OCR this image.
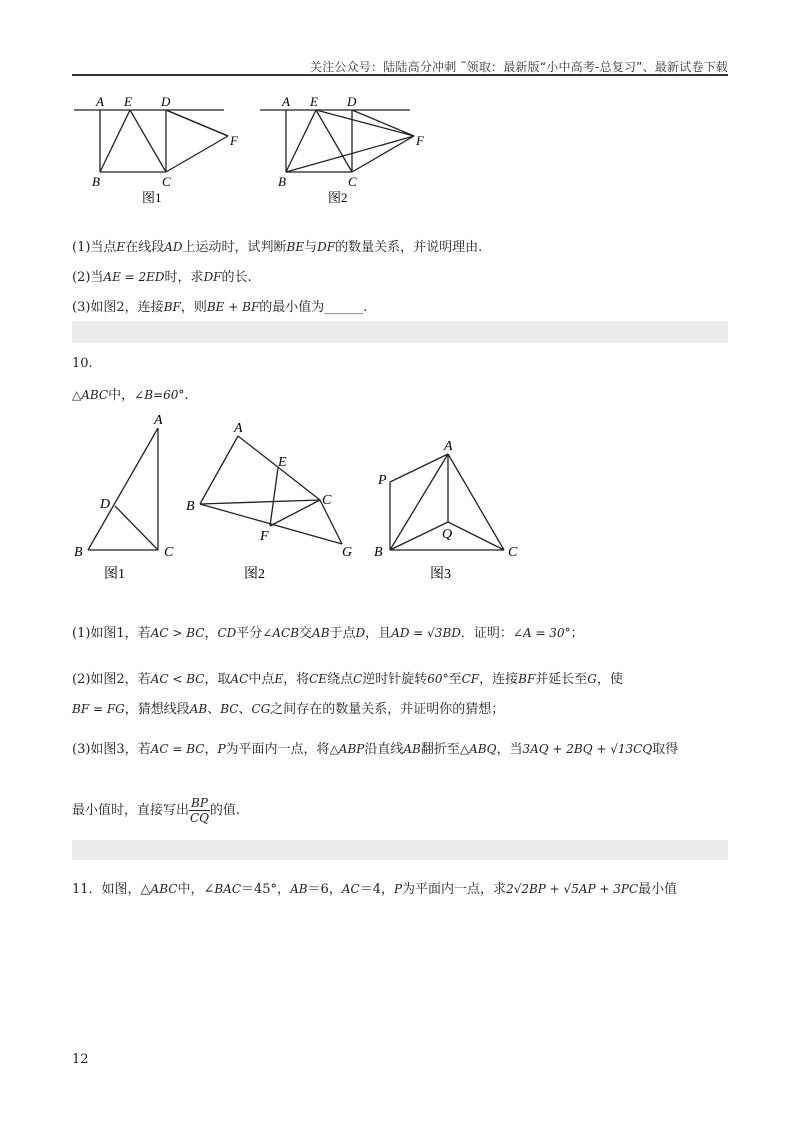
关注公众号：陆陆高分冲刺 ˜领取：最新版“小中高考-总复习”、最新试卷下载
A E D
F
B	C
图1
A E D
F
B	C
图2
(1)当点E在线段AD上运动时，试判断BE与DF的数量关系，并说明理由.
(2)当AE = 2ED时，求DF的长.
(3)如图2，连接BF，则BE + BF的最小值为______.
10.
△ABC中，∠B=60°.
A
D
B	C
图1
A
E
B	C
F
G
图2
A
P
Q
B	C
图3
(1)如图1，若AC > BC，CD平分∠ACB交AB于点D，且AD = √3BD．证明：∠A = 30°；
(2)如图2，若AC < BC，取AC中点E，将CE绕点C逆时针旋转60°至CF，连接BF并延长至G，使
BF = FG，猜想线段AB、BC、CG之间存在的数量关系，并证明你的猜想；
(3)如图3，若AC = BC，P为平面内一点，将△ABP沿直线AB翻折至△ABQ，当3AQ + 2BQ + √13CQ取得
最小值时，直接写出 $\frac{BP}{CQ}$ 的值.
11．如图，△ABC中，∠BAC＝45°，AB＝6，AC＝4，P为平面内一点，求2√2BP + √5AP + 3PC最小值
12
